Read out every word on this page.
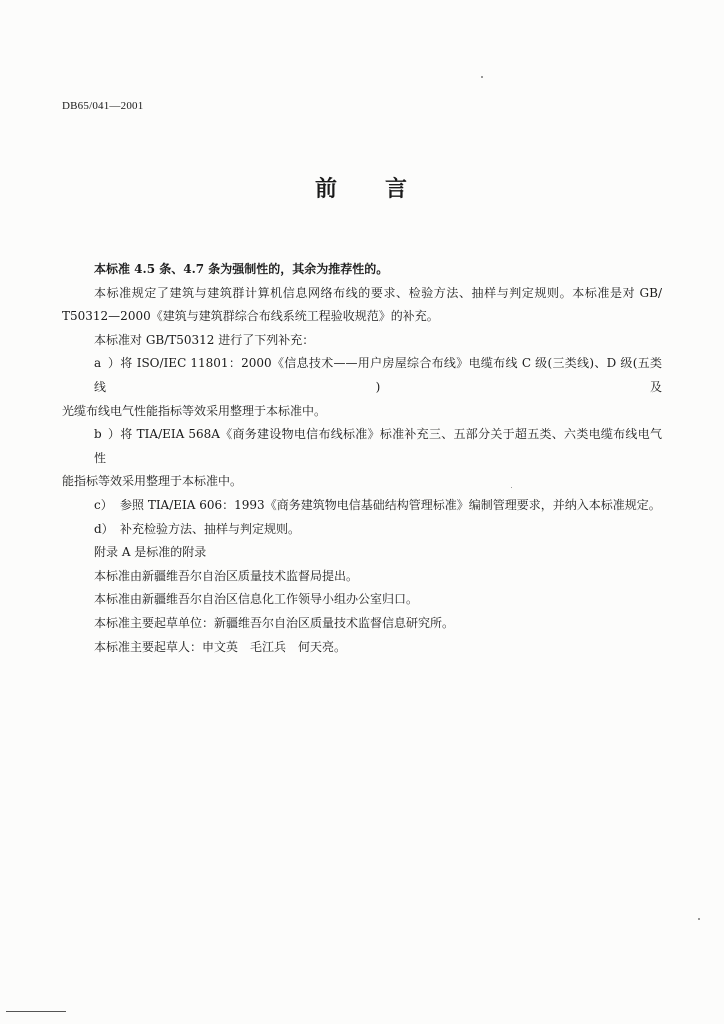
DB65/041—2001
前 言

本标准 4.5 条、4.7 条为强制性的，其余为推荐性的。

本标准规定了建筑与建筑群计算机信息网络布线的要求、检验方法、抽样与判定规则。本标准是对 GB/

T50312—2000《建筑与建筑群综合布线系统工程验收规范》的补充。

本标准对 GB/T50312 进行了下列补充：

a）将 ISO/IEC 11801：2000《信息技术——用户房屋综合布线》电缆布线 C 级(三类线)、D 级(五类线)及

光缆布线电气性能指标等效采用整理于本标准中。

b）将 TIA/EIA 568A《商务建设物电信布线标准》标准补充三、五部分关于超五类、六类电缆布线电气性

能指标等效采用整理于本标准中。

c） 参照 TIA/EIA 606：1993《商务建筑物电信基础结构管理标准》编制管理要求，并纳入本标准规定。

d） 补充检验方法、抽样与判定规则。

附录 A 是标准的附录

本标准由新疆维吾尔自治区质量技术监督局提出。

本标准由新疆维吾尔自治区信息化工作领导小组办公室归口。

本标准主要起草单位：新疆维吾尔自治区质量技术监督信息研究所。

本标准主要起草人：申文英　毛江兵　何天亮。
